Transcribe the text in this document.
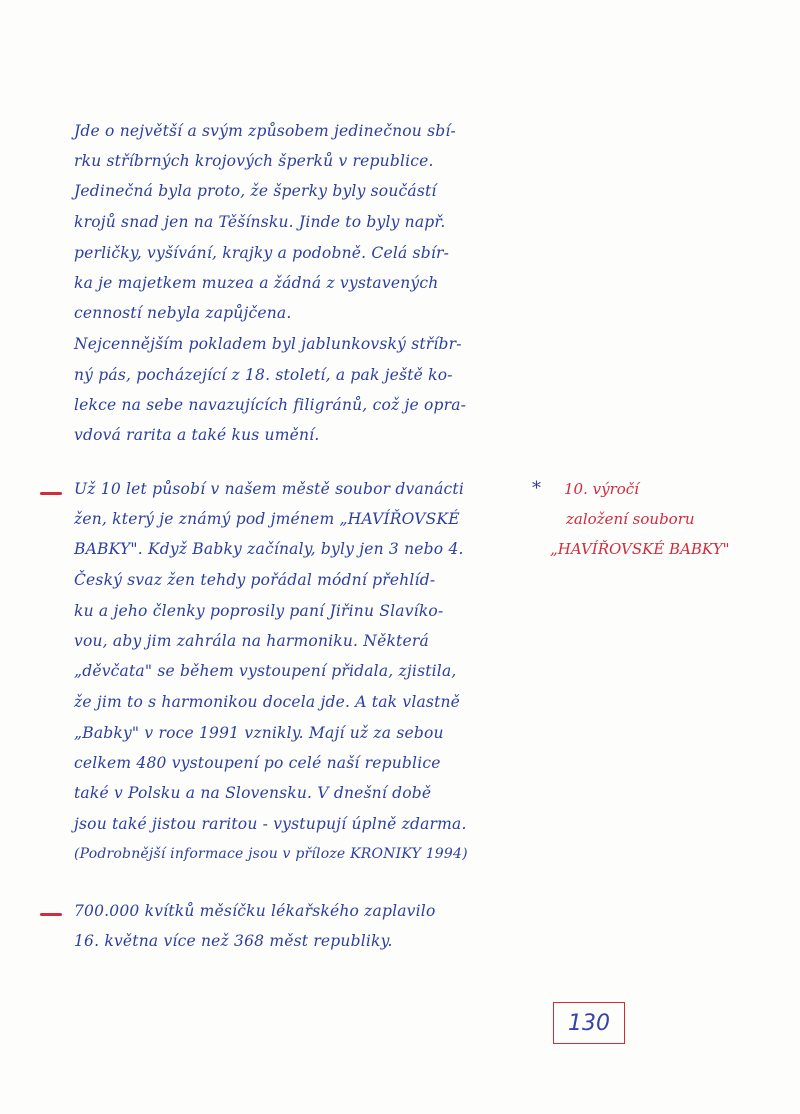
Jde o největší a svým způsobem jedinečnou sbí-
rku stříbrných krojových šperků v republice.
Jedinečná byla proto, že šperky byly součástí
krojů snad jen na Těšínsku. Jinde to byly např.
perličky, vyšívání, krajky a podobně. Celá sbír-
ka je majetkem muzea a žádná z vystavených
cenností nebyla zapůjčena.
Nejcennějším pokladem byl jablunkovský stříbr-
ný pás, pocházející z 18. století, a pak ještě ko-
lekce na sebe navazujících filigránů, což je opra-
vdová rarita a také kus umění.
Už 10 let působí v našem městě soubor dvanácti
žen, který je známý pod jménem „HAVÍŘOVSKÉ
BABKY". Když Babky začínaly, byly jen 3 nebo 4.
Český svaz žen tehdy pořádal módní přehlíd-
ku a jeho členky poprosily paní Jiřinu Slavíko-
vou, aby jim zahrála na harmoniku. Některá
„děvčata" se během vystoupení přidala, zjistila,
že jim to s harmonikou docela jde. A tak vlastně
„Babky" v roce 1991 vznikly. Mají už za sebou
celkem 480 vystoupení po celé naší republice
také v Polsku a na Slovensku. V dnešní době
jsou také jistou raritou - vystupují úplně zdarma.
(Podrobnější informace jsou v příloze KRONIKY 1994)
* 10. výročí
založení souboru
„HAVÍŘOVSKÉ BABKY"
700.000 kvítků měsíčku lékařského zaplavilo
16. května více než 368 měst republiky.
130
